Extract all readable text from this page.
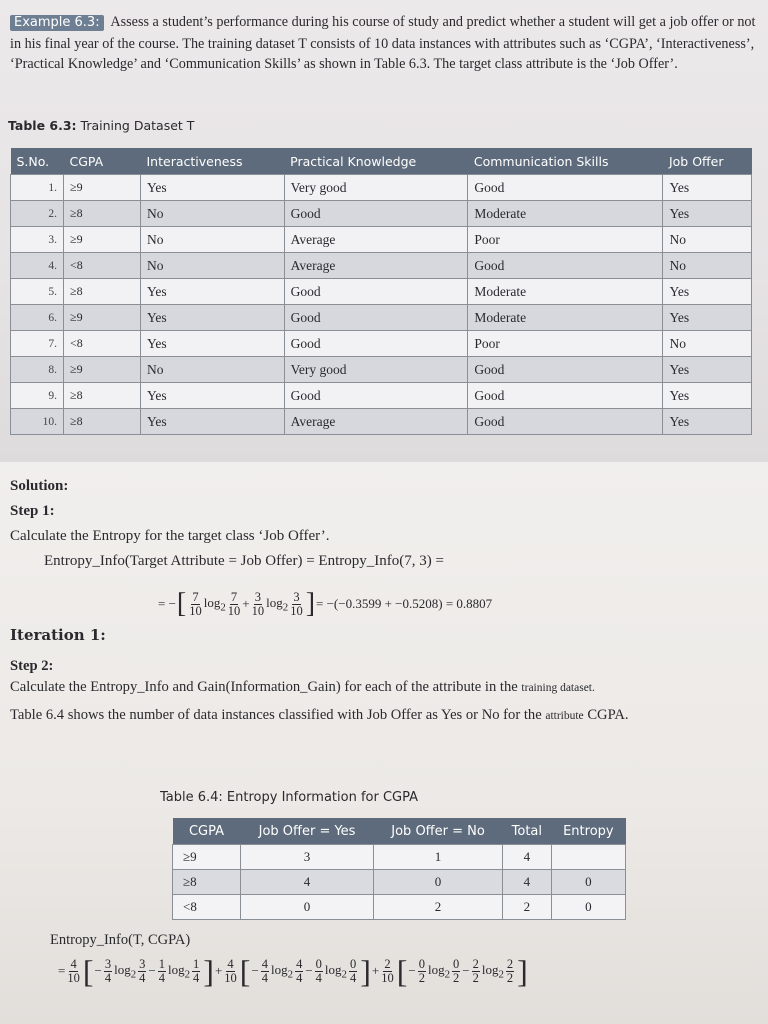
Example 6.3: Assess a student’s performance during his course of study and predict whether a student will get a job offer or not in his final year of the course. The training dataset T consists of 10 data instances with attributes such as ‘CGPA’, ‘Interactiveness’, ‘Practical Knowledge’ and ‘Communication Skills’ as shown in Table 6.3. The target class attribute is the ‘Job Offer’.
Table 6.3: Training Dataset T
S.No.	CGPA	Interactiveness	Practical Knowledge	Communication Skills	Job Offer
1.	≥9	Yes	Very good	Good	Yes
2.	≥8	No	Good	Moderate	Yes
3.	≥9	No	Average	Poor	No
4.	<8	No	Average	Good	No
5.	≥8	Yes	Good	Moderate	Yes
6.	≥9	Yes	Good	Moderate	Yes
7.	<8	Yes	Good	Poor	No
8.	≥9	No	Very good	Good	Yes
9.	≥8	Yes	Good	Good	Yes
10.	≥8	Yes	Average	Good	Yes
Solution:
Step 1:
Calculate the Entropy for the target class ‘Job Offer’.
Entropy_Info(Target Attribute = Job Offer) = Entropy_Info(7, 3) =
= − [ $\frac{7}{10} \log_2 \frac{7}{10} + \frac{3}{10} \log_2 \frac{3}{10}$ ] = −(−0.3599 + −0.5208) = 0.8807
Iteration 1:
Step 2:
Calculate the Entropy_Info and Gain(Information_Gain) for each of the attribute in the training dataset.
Table 6.4 shows the number of data instances classified with Job Offer as Yes or No for the attribute CGPA.
Table 6.4: Entropy Information for CGPA
CGPA	Job Offer = Yes	Job Offer = No	Total	Entropy
≥9	3	1	4	
≥8	4	0	4	0
<8	0	2	2	0
Entropy_Info(T, CGPA)
= $\frac{4}{10}$ [ − $\frac{3}{4} \log_2 \frac{3}{4} - \frac{1}{4} \log_2 \frac{1}{4}$ ] + $\frac{4}{10}$ [ − $\frac{4}{4} \log_2 \frac{4}{4} - \frac{0}{4} \log_2 \frac{0}{4}$ ] + $\frac{2}{10}$ [ − $\frac{0}{2} \log_2 \frac{0}{2} - \frac{2}{2} \log_2 \frac{2}{2}$ ]
